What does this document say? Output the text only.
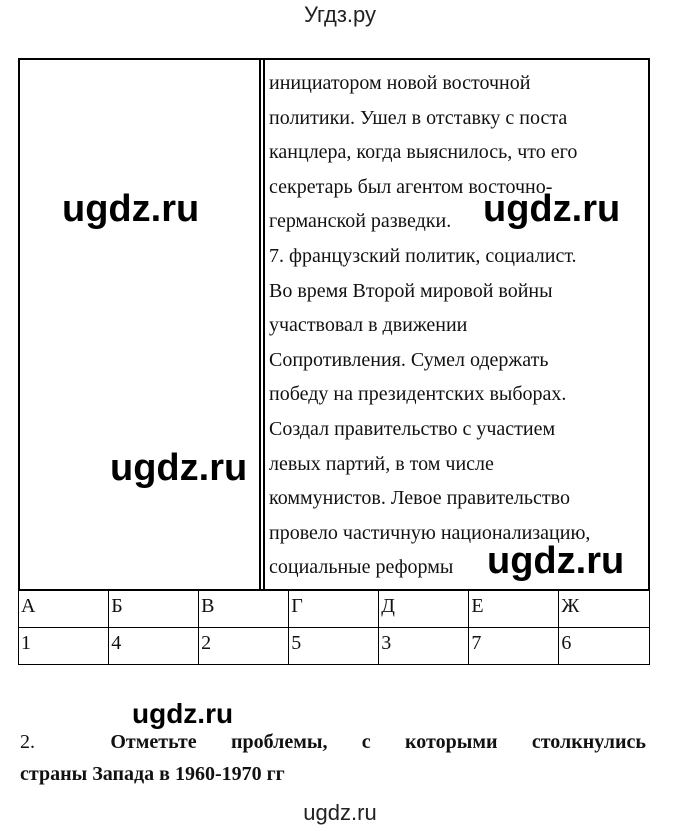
Угдз.ру
инициатором новой восточной
политики. Ушел в отставку с поста
канцлера, когда выяснилось, что его
секретарь был агентом восточно-
германской разведки.
7. французский политик, социалист.
Во время Второй мировой войны
участвовал в движении
Сопротивления. Сумел одержать
победу на президентских выборах.
Создал правительство с участием
левых партий, в том числе
коммунистов. Левое правительство
провело частичную национализацию,
социальные реформы
А	Б	В	Г	Д	Е	Ж
1	4	2	5	3	7	6
2.	Отметьте проблемы, с которыми столкнулись
страны Запада в 1960-1970 гг
ugdz.ru	ugdz.ru
ugdz.ru
ugdz.ru
ugdz.ru
ugdz.ru
